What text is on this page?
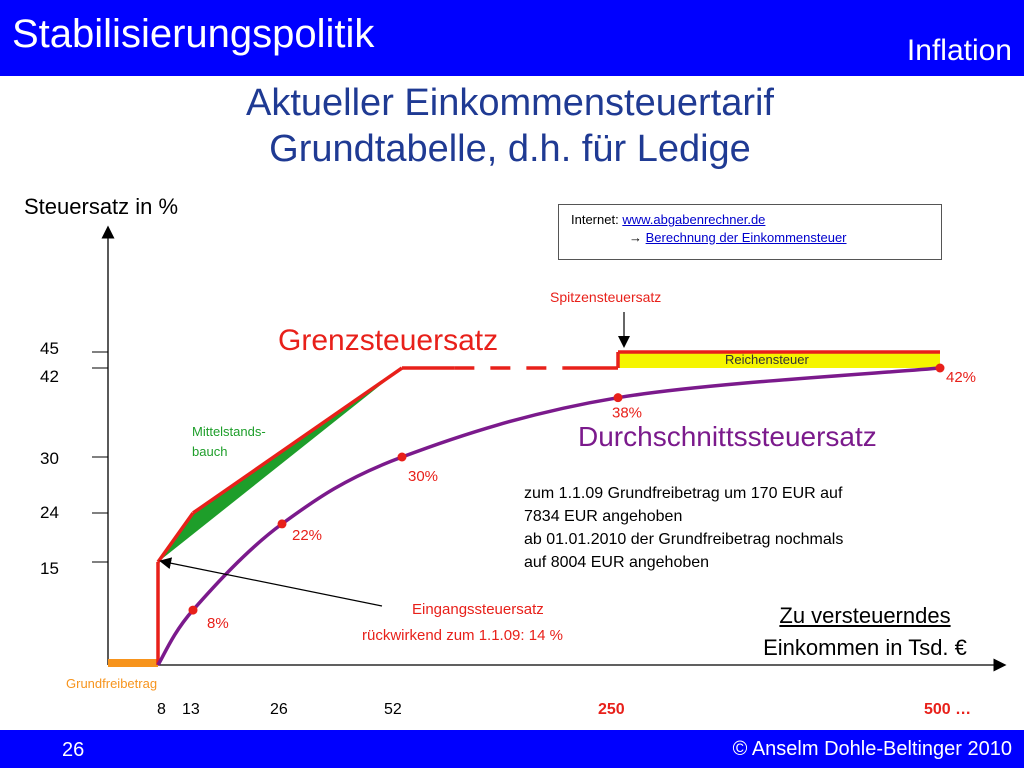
Stabilisierungspolitik	Inflation
Aktueller Einkommensteuertarif
Grundtabelle, d.h. für Ledige
Internet: www.abgabenrechner.de
→ Berechnung der Einkommensteuer
Steuersatz in %
15
24
30
42
45
Grundfreibetrag
Reichensteuer
Mittelstands-
bauch
Grenzsteuersatz
Durchschnittssteuersatz
8%
22%
30%
38%
42%
Spitzensteuersatz
Eingangssteuersatz
rückwirkend zum 1.1.09: 14 %
8 13	26	52	250	500 …
zum 1.1.09 Grundfreibetrag um 170 EUR auf
7834 EUR angehoben
ab 01.01.2010 der Grundfreibetrag nochmals
auf 8004 EUR angehoben
Zu versteuerndes
Einkommen in Tsd. €
26	© Anselm Dohle-Beltinger 2010
